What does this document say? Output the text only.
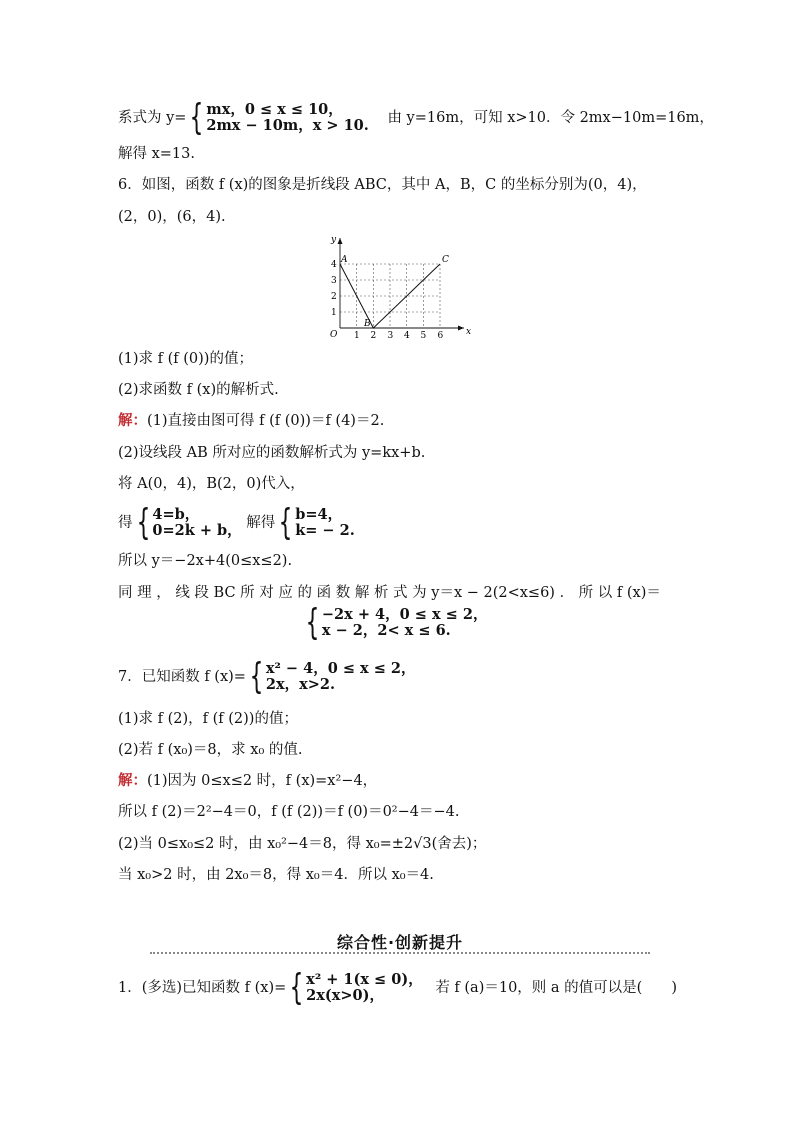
系式为 y={ mx，0 ≤ x ≤ 10，
2mx − 10m，x > 10. 由 y=16m，可知 x>10．令 2mx−10m=16m，
解得 x=13.
6．如图，函数 f (x)的图象是折线段 ABC，其中 A，B，C 的坐标分别为(0，4)，
(2，0)，(6，4).
y
x
O 1 2 3 4 5 6
1
2
3
4 A
B
C
(1)求 f (f (0))的值；
(2)求函数 f (x)的解析式.
解：(1)直接由图可得 f (f (0))＝f (4)＝2.
(2)设线段 AB 所对应的函数解析式为 y=kx+b.
将 A(0，4)，B(2，0)代入，
得{ 4=b，
0=2k + b， 解得{ b=4，
k= − 2.
所以 y＝−2x+4(0≤x≤2).
同 理 ， 线 段 BC 所 对 应 的 函 数 解 析 式 为 y＝x − 2(2<x≤6) ． 所 以 f (x)＝
{ −2x + 4，0 ≤ x ≤ 2，
x − 2，2< x ≤ 6.
7．已知函数 f (x)={ x² − 4，0 ≤ x ≤ 2，
2x，x>2.
(1)求 f (2)，f (f (2))的值；
(2)若 f (x₀)＝8，求 x₀ 的值.
解：(1)因为 0≤x≤2 时，f (x)=x²−4，
所以 f (2)＝2²−4＝0，f (f (2))＝f (0)＝0²−4＝−4.
(2)当 0≤x₀≤2 时，由 x₀²−4＝8，得 x₀=±2√3(舍去)；
当 x₀>2 时，由 2x₀＝8，得 x₀＝4．所以 x₀＝4.
综合性·创新提升
1．(多选)已知函数 f (x)={ x² + 1(x ≤ 0)，
2x(x>0)，	若 f (a)＝10，则 a 的值可以是(　　)
